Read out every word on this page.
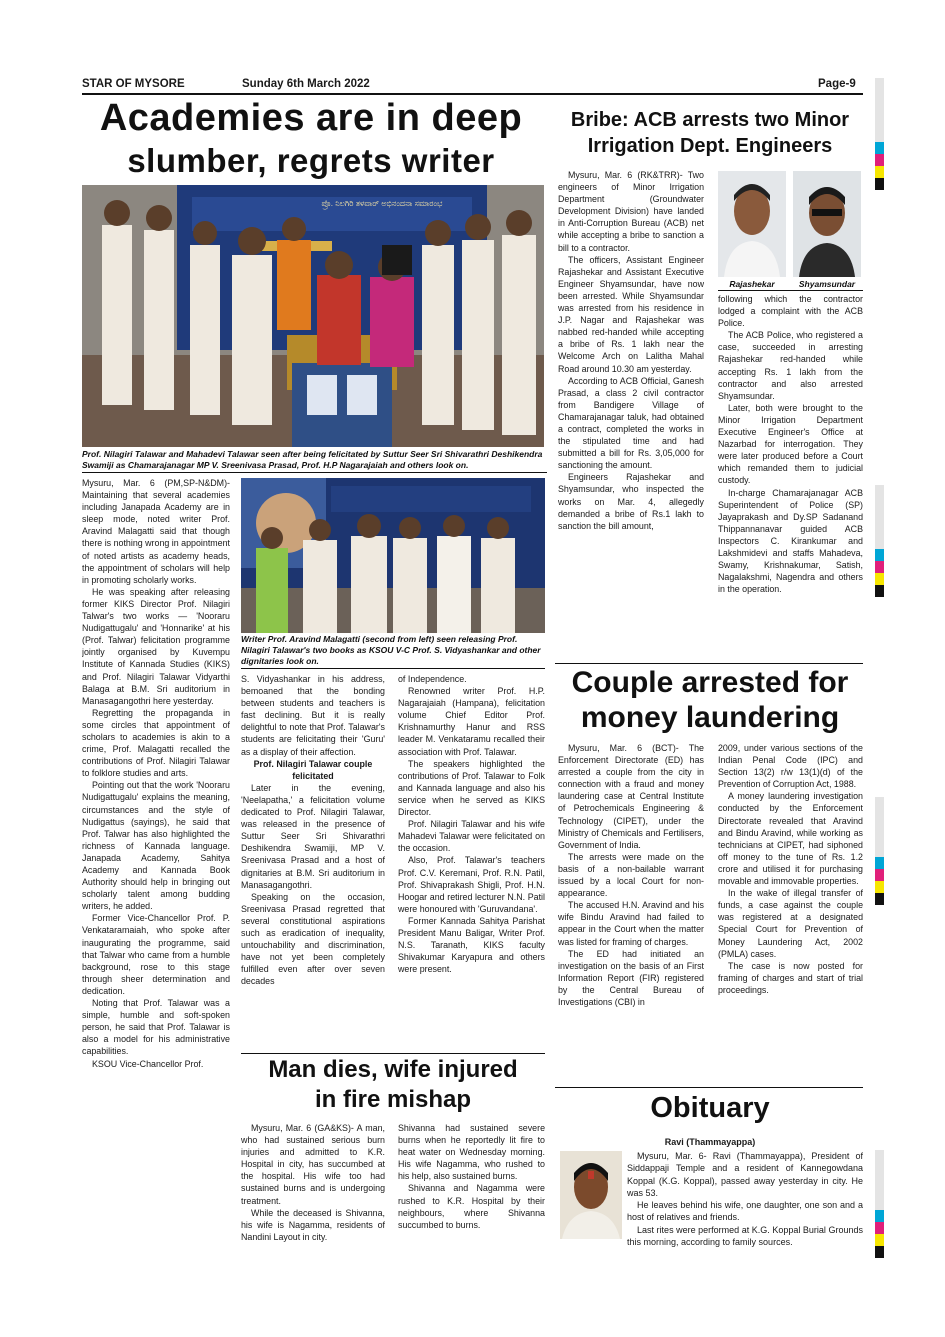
STAR OF MYSORE	Sunday 6th March 2022	Page-9
Academies are in deep
slumber, regrets writer
ಪ್ರೊ. ನಿಲಗಿರಿ ತಳವಾರ್ ಅಭಿನಂದನಾ ಸಮಾರಂಭ
Prof. Nilagiri Talawar and Mahadevi Talawar seen after being felicitated by Suttur Seer Sri Shivarathri Deshikendra Swamiji as Chamarajanagar MP V. Sreenivasa Prasad, Prof. H.P Nagarajaiah and others look on.

Mysuru, Mar. 6 (PM,SP-N&DM)- Maintaining that several academies including Janapada Academy are in sleep mode, noted writer Prof. Aravind Malagatti said that though there is nothing wrong in appointment of noted artists as academy heads, the appointment of scholars will help in promoting scholarly works.

He was speaking after releasing former KIKS Director Prof. Nilagiri Talwar's two works — 'Nooraru Nudigattugalu' and 'Honnarike' at his (Prof. Talwar) felicitation programme jointly organised by Kuvempu Institute of Kannada Studies (KIKS) and Prof. Nilagiri Talawar Vidyarthi Balaga at B.M. Sri auditorium in Manasagangothri here yesterday.

Regretting the propaganda in some circles that appointment of scholars to academies is akin to a crime, Prof. Malagatti recalled the contributions of Prof. Nilagiri Talawar to folklore studies and arts.

Pointing out that the work 'Nooraru Nudigattugalu' explains the meaning, circumstances and the style of Nudigattus (sayings), he said that Prof. Talwar has also highlighted the richness of Kannada language. Janapada Academy, Sahitya Academy and Kannada Book Authority should help in bringing out scholarly talent among budding writers, he added.

Former Vice-Chancellor Prof. P. Venkataramaiah, who spoke after inaugurating the programme, said that Talwar who came from a humble background, rose to this stage through sheer determination and dedication.

Noting that Prof. Talawar was a simple, humble and soft-spoken person, he said that Prof. Talawar is also a model for his administrative capabilities.

KSOU Vice-Chancellor Prof.

Writer Prof. Aravind Malagatti (second from left) seen releasing Prof. Nilagiri Talawar's two books as KSOU V-C Prof. S. Vidyashankar and other dignitaries look on.

S. Vidyashankar in his address, bemoaned that the bonding between students and teachers is fast declining. But it is really delightful to note that Prof. Talawar's students are felicitating their 'Guru' as a display of their affection.

Prof. Nilagiri Talawar couple felicitated

Later in the evening, 'Neelapatha,' a felicitation volume dedicated to Prof. Nilagiri Talawar, was released in the presence of Suttur Seer Sri Shivarathri Deshikendra Swamiji, MP V. Sreenivasa Prasad and a host of dignitaries at B.M. Sri auditorium in Manasagangothri.

Speaking on the occasion, Sreenivasa Prasad regretted that several constitutional aspirations such as eradication of inequality, untouchability and discrimination, have not yet been completely fulfilled even after over seven decades

of Independence.

Renowned writer Prof. H.P. Nagarajaiah (Hampana), felicitation volume Chief Editor Prof. Krishnamurthy Hanur and RSS leader M. Venkataramu recalled their association with Prof. Talawar.

The speakers highlighted the contributions of Prof. Talawar to Folk and Kannada language and also his service when he served as KIKS Director.

Prof. Nilagiri Talawar and his wife Mahadevi Talawar were felicitated on the occasion.

Also, Prof. Talawar's teachers Prof. C.V. Keremani, Prof. R.N. Patil, Prof. Shivaprakash Shigli, Prof. H.N. Hoogar and retired lecturer N.N. Patil were honoured with 'Guruvandana'.

Former Kannada Sahitya Parishat President Manu Baligar, Writer Prof. N.S. Taranath, KIKS faculty Shivakumar Karyapura and others were present.

Man dies, wife injured
in fire mishap

Mysuru, Mar. 6 (GA&KS)- A man, who had sustained serious burn injuries and admitted to K.R. Hospital in city, has succumbed at the hospital. His wife too had sustained burns and is undergoing treatment.

While the deceased is Shivanna, his wife is Nagamma, residents of Nandini Layout in city.

Shivanna had sustained severe burns when he reportedly lit fire to heat water on Wednesday morning. His wife Nagamma, who rushed to his help, also sustained burns.

Shivanna and Nagamma were rushed to K.R. Hospital by their neighbours, where Shivanna succumbed to burns.

Bribe: ACB arrests two Minor
Irrigation Dept. Engineers

Mysuru, Mar. 6 (RK&TRR)- Two engineers of Minor Irrigation Department (Groundwater Development Division) have landed in Anti-Corruption Bureau (ACB) net while accepting a bribe to sanction a bill to a contractor.

The officers, Assistant Engineer Rajashekar and Assistant Executive Engineer Shyamsundar, have now been arrested. While Shyamsundar was arrested from his residence in J.P. Nagar and Rajashekar was nabbed red-handed while accepting a bribe of Rs. 1 lakh near the Welcome Arch on Lalitha Mahal Road around 10.30 am yesterday.

According to ACB Official, Ganesh Prasad, a class 2 civil contractor from Bandigere Village of Chamarajanagar taluk, had obtained a contract, completed the works in the stipulated time and had submitted a bill for Rs. 3,05,000 for sanctioning the amount.

Engineers Rajashekar and Shyamsundar, who inspected the works on Mar. 4, allegedly demanded a bribe of Rs.1 lakh to sanction the bill amount,

Rajashekar	Shyamsundar

following which the contractor lodged a complaint with the ACB Police.

The ACB Police, who registered a case, succeeded in arresting Rajashekar red-handed while accepting Rs. 1 lakh from the contractor and also arrested Shyamsundar.

Later, both were brought to the Minor Irrigation Department Executive Engineer's Office at Nazarbad for interrogation. They were later produced before a Court which remanded them to judicial custody.

In-charge Chamarajanagar ACB Superintendent of Police (SP) Jayaprakash and Dy.SP Sadanand Thippannanavar guided ACB Inspectors C. Kirankumar and Lakshmidevi and staffs Mahadeva, Swamy, Krishnakumar, Satish, Nagalakshmi, Nagendra and others in the operation.

Couple arrested for
money laundering

Mysuru, Mar. 6 (BCT)- The Enforcement Directorate (ED) has arrested a couple from the city in connection with a fraud and money laundering case at Central Institute of Petrochemicals Engineering & Technology (CIPET), under the Ministry of Chemicals and Fertilisers, Government of India.

The arrests were made on the basis of a non-bailable warrant issued by a local Court for non-appearance.

The accused H.N. Aravind and his wife Bindu Aravind had failed to appear in the Court when the matter was listed for framing of charges.

The ED had initiated an investigation on the basis of an First Information Report (FIR) registered by the Central Bureau of Investigations (CBI) in

2009, under various sections of the Indian Penal Code (IPC) and Section 13(2) r/w 13(1)(d) of the Prevention of Corruption Act, 1988.

A money laundering investigation conducted by the Enforcement Directorate revealed that Aravind and Bindu Aravind, while working as technicians at CIPET, had siphoned off money to the tune of Rs. 1.2 crore and utilised it for purchasing movable and immovable properties.

In the wake of illegal transfer of funds, a case against the couple was registered at a designated Special Court for Prevention of Money Laundering Act, 2002 (PMLA) cases.

The case is now posted for framing of charges and start of trial proceedings.

Obituary
Ravi (Thammayappa)

Mysuru, Mar. 6- Ravi (Thammayappa), President of Siddappaji Temple and a resident of Kannegowdana Koppal (K.G. Koppal), passed away yesterday in city. He was 53.

He leaves behind his wife, one daughter, one son and a host of relatives and friends.

Last rites were performed at K.G. Koppal Burial Grounds this morning, according to family sources.
